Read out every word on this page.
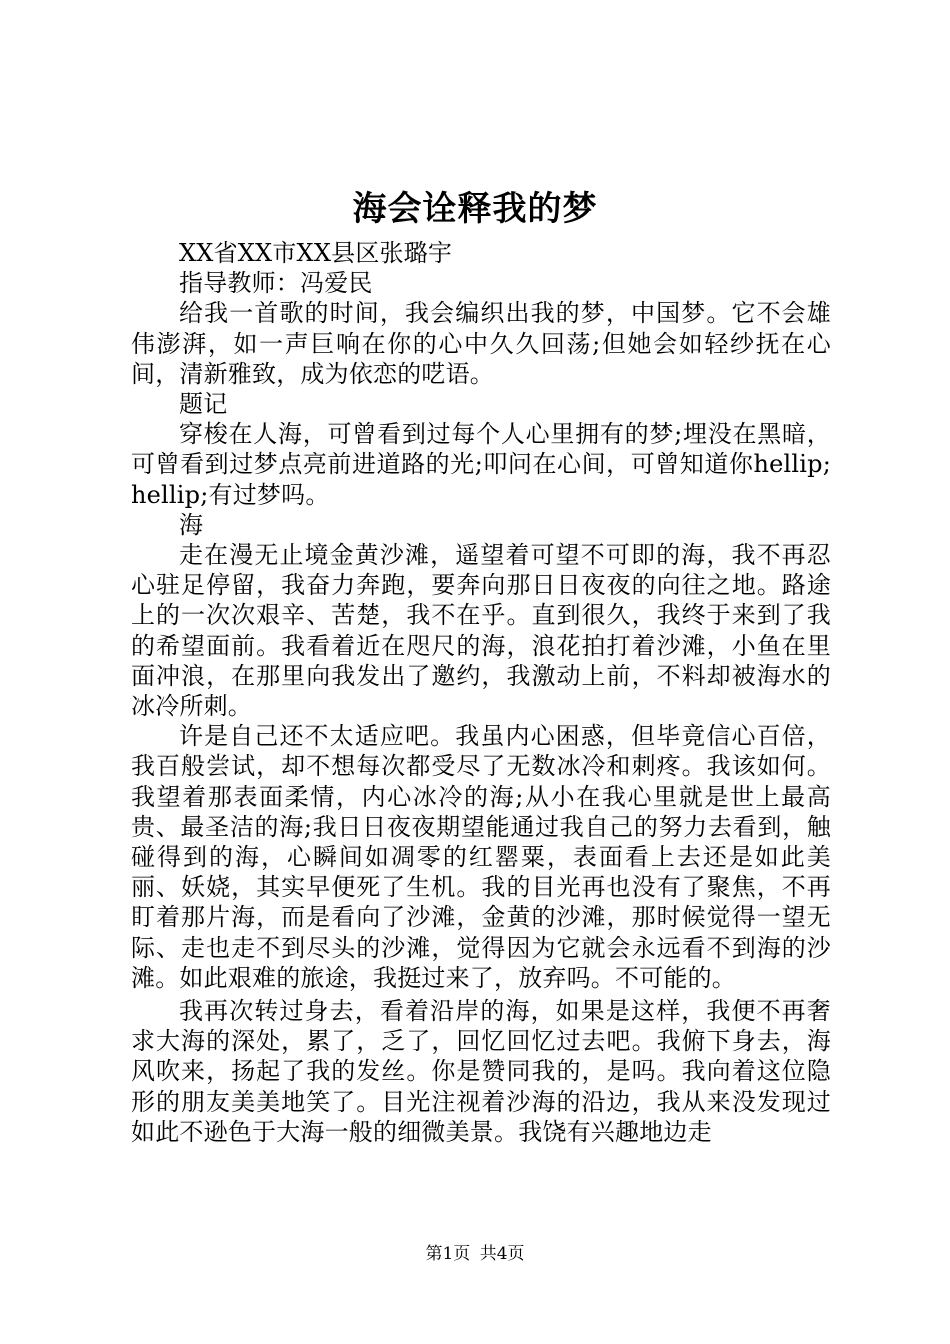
海会诠释我的梦

XX省XX市XX县区张璐宇

指导教师：冯爱民

给我一首歌的时间，我会编织出我的梦，中国梦。它不会雄伟澎湃，如一声巨响在你的心中久久回荡;但她会如轻纱抚在心间，清新雅致，成为依恋的呓语。

题记

穿梭在人海，可曾看到过每个人心里拥有的梦;埋没在黑暗，可曾看到过梦点亮前进道路的光;叩问在心间，可曾知道你hellip;hellip;有过梦吗。

海

走在漫无止境金黄沙滩，遥望着可望不可即的海，我不再忍心驻足停留，我奋力奔跑，要奔向那日日夜夜的向往之地。路途上的一次次艰辛、苦楚，我不在乎。直到很久，我终于来到了我的希望面前。我看着近在咫尺的海，浪花拍打着沙滩，小鱼在里面冲浪，在那里向我发出了邀约，我激动上前，不料却被海水的冰冷所刺。

许是自己还不太适应吧。我虽内心困惑，但毕竟信心百倍，我百般尝试，却不想每次都受尽了无数冰冷和刺疼。我该如何。我望着那表面柔情，内心冰冷的海;从小在我心里就是世上最高贵、最圣洁的海;我日日夜夜期望能通过我自己的努力去看到，触碰得到的海，心瞬间如凋零的红罂粟，表面看上去还是如此美丽、妖娆，其实早便死了生机。我的目光再也没有了聚焦，不再盯着那片海，而是看向了沙滩，金黄的沙滩，那时候觉得一望无际、走也走不到尽头的沙滩，觉得因为它就会永远看不到海的沙滩。如此艰难的旅途，我挺过来了，放弃吗。不可能的。

我再次转过身去，看着沿岸的海，如果是这样，我便不再奢求大海的深处，累了，乏了，回忆回忆过去吧。我俯下身去，海风吹来，扬起了我的发丝。你是赞同我的，是吗。我向着这位隐形的朋友美美地笑了。目光注视着沙海的沿边，我从来没发现过如此不逊色于大海一般的细微美景。我饶有兴趣地边走

第1页 共4页
